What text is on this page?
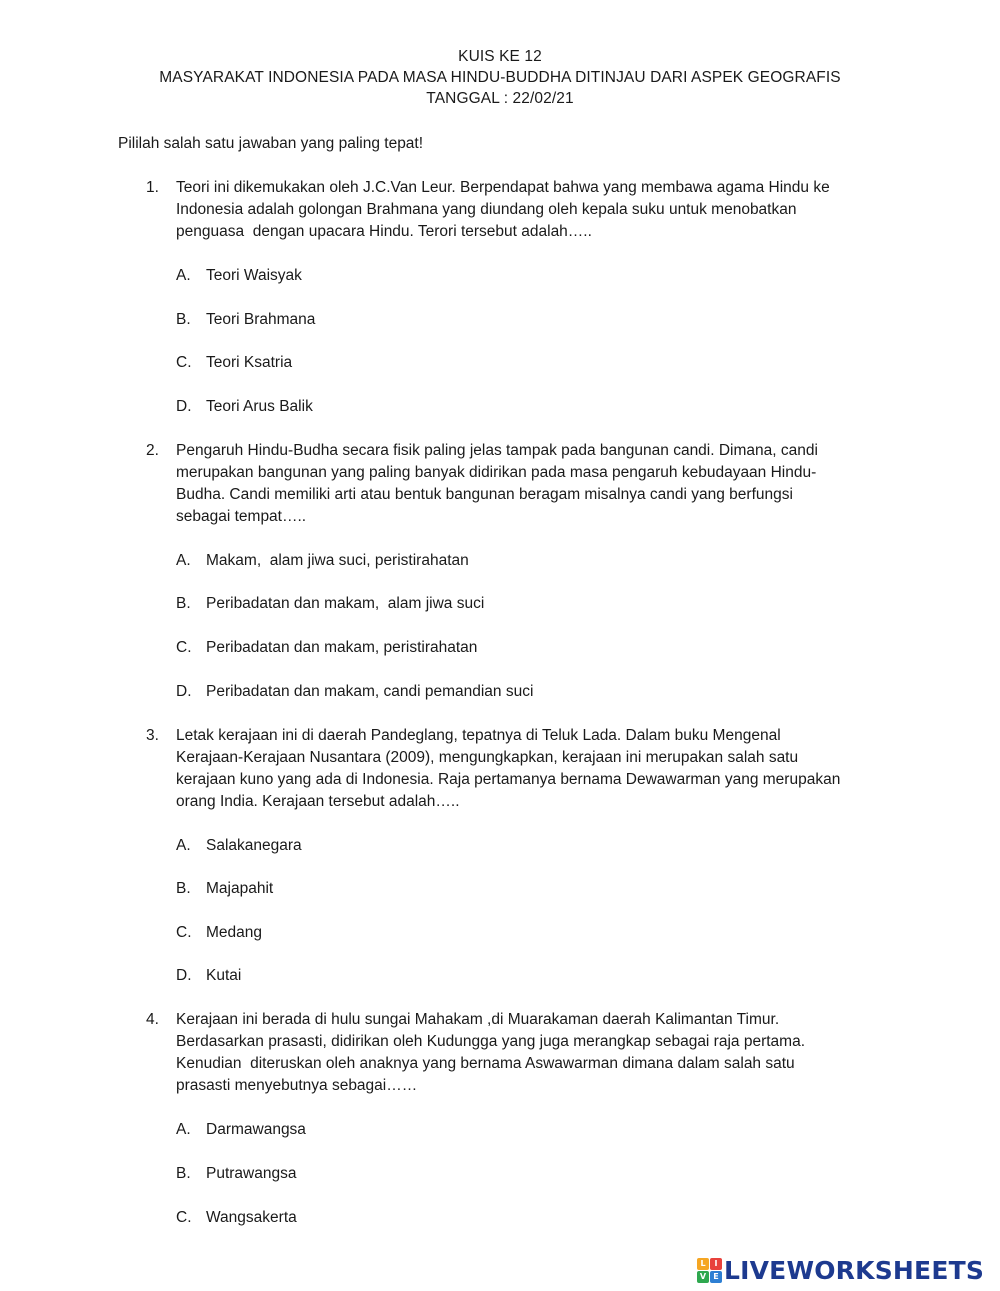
KUIS KE 12
MASYARAKAT INDONESIA PADA MASA HINDU-BUDDHA DITINJAU DARI ASPEK GEOGRAFIS
TANGGAL : 22/02/21
Pililah salah satu jawaban yang paling tepat!
1. Teori ini dikemukakan oleh J.C.Van Leur. Berpendapat bahwa yang membawa agama Hindu ke
Indonesia adalah golongan Brahmana yang diundang oleh kepala suku untuk menobatkan
penguasa  dengan upacara Hindu. Terori tersebut adalah…..
A. Teori Waisyak
B. Teori Brahmana
C. Teori Ksatria
D. Teori Arus Balik
2. Pengaruh Hindu-Budha secara fisik paling jelas tampak pada bangunan candi. Dimana, candi
merupakan bangunan yang paling banyak didirikan pada masa pengaruh kebudayaan Hindu-
Budha. Candi memiliki arti atau bentuk bangunan beragam misalnya candi yang berfungsi
sebagai tempat…..
A. Makam,  alam jiwa suci, peristirahatan
B. Peribadatan dan makam,  alam jiwa suci
C. Peribadatan dan makam, peristirahatan
D. Peribadatan dan makam, candi pemandian suci
3. Letak kerajaan ini di daerah Pandeglang, tepatnya di Teluk Lada. Dalam buku Mengenal
Kerajaan-Kerajaan Nusantara (2009), mengungkapkan, kerajaan ini merupakan salah satu
kerajaan kuno yang ada di Indonesia. Raja pertamanya bernama Dewawarman yang merupakan
orang India. Kerajaan tersebut adalah…..
A. Salakanegara
B. Majapahit
C. Medang
D. Kutai
4. Kerajaan ini berada di hulu sungai Mahakam ,di Muarakaman daerah Kalimantan Timur.
Berdasarkan prasasti, didirikan oleh Kudungga yang juga merangkap sebagai raja pertama.
Kenudian  diteruskan oleh anaknya yang bernama Aswawarman dimana dalam salah satu
prasasti menyebutnya sebagai……
A. Darmawangsa
B. Putrawangsa
C. Wangsakerta
L	I
V E LIVEWORKSHEETS
